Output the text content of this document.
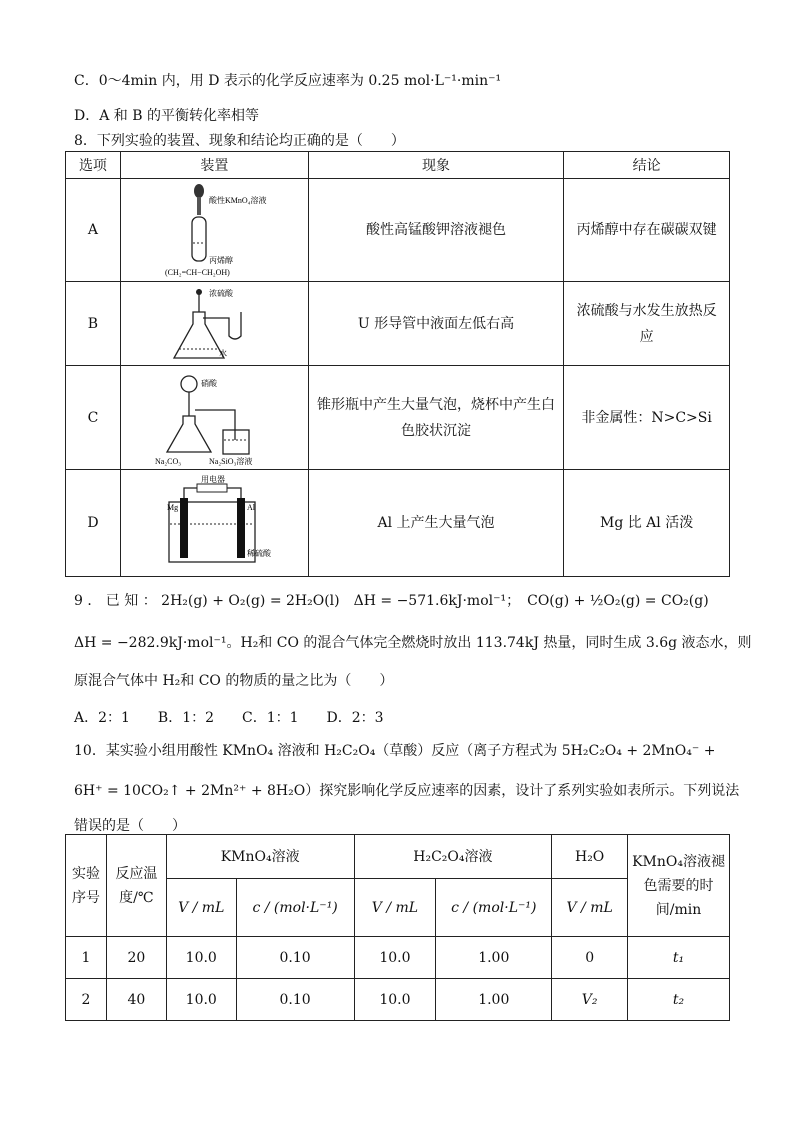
C．0～4min 内，用 D 表示的化学反应速率为 0.25 mol·L⁻¹·min⁻¹
D．A 和 B 的平衡转化率相等
8．下列实验的装置、现象和结论均正确的是（　　）
选项	装置	现象	结论
A	酸性KMnO₄溶液
丙烯醇
(CH₂=CH−CH₂OH)	酸性高锰酸钾溶液褪色	丙烯醇中存在碳碳双键
B	浓硫酸
水	U 形导管中液面左低右高	浓硫酸与水发生放热反应
C	硝酸
Na₂CO₃ Na₂SiO₃溶液	锥形瓶中产生大量气泡，烧杯中产生白色胶状沉淀	非金属性：N>C>Si
D	用电器
Mg Al
稀硫酸	Al 上产生大量气泡	Mg 比 Al 活泼
9 ． 已 知 ： 2H₂(g) + O₂(g) = 2H₂O(l)　ΔH = −571.6kJ·mol⁻¹；　CO(g) + ½O₂(g) = CO₂(g)
ΔH = −282.9kJ·mol⁻¹。H₂和 CO 的混合气体完全燃烧时放出 113.74kJ 热量，同时生成 3.6g 液态水，则
原混合气体中 H₂和 CO 的物质的量之比为（　　）
A．2：1　　B．1：2　　C．1：1　　D．2：3
10．某实验小组用酸性 KMnO₄ 溶液和 H₂C₂O₄（草酸）反应（离子方程式为 5H₂C₂O₄ + 2MnO₄⁻ +
6H⁺ = 10CO₂↑ + 2Mn²⁺ + 8H₂O）探究影响化学反应速率的因素，设计了系列实验如表所示。下列说法
错误的是（　　）
实验序号	反应温度/℃	KMnO₄溶液		H₂C₂O₄溶液		H₂O	KMnO₄溶液褪色需要的时间/min
		V / mL	c / (mol·L⁻¹)	V / mL	c / (mol·L⁻¹)	V / mL	
1	20	10.0	0.10	10.0	1.00	0	t₁
2	40	10.0	0.10	10.0	1.00	V₂	t₂
